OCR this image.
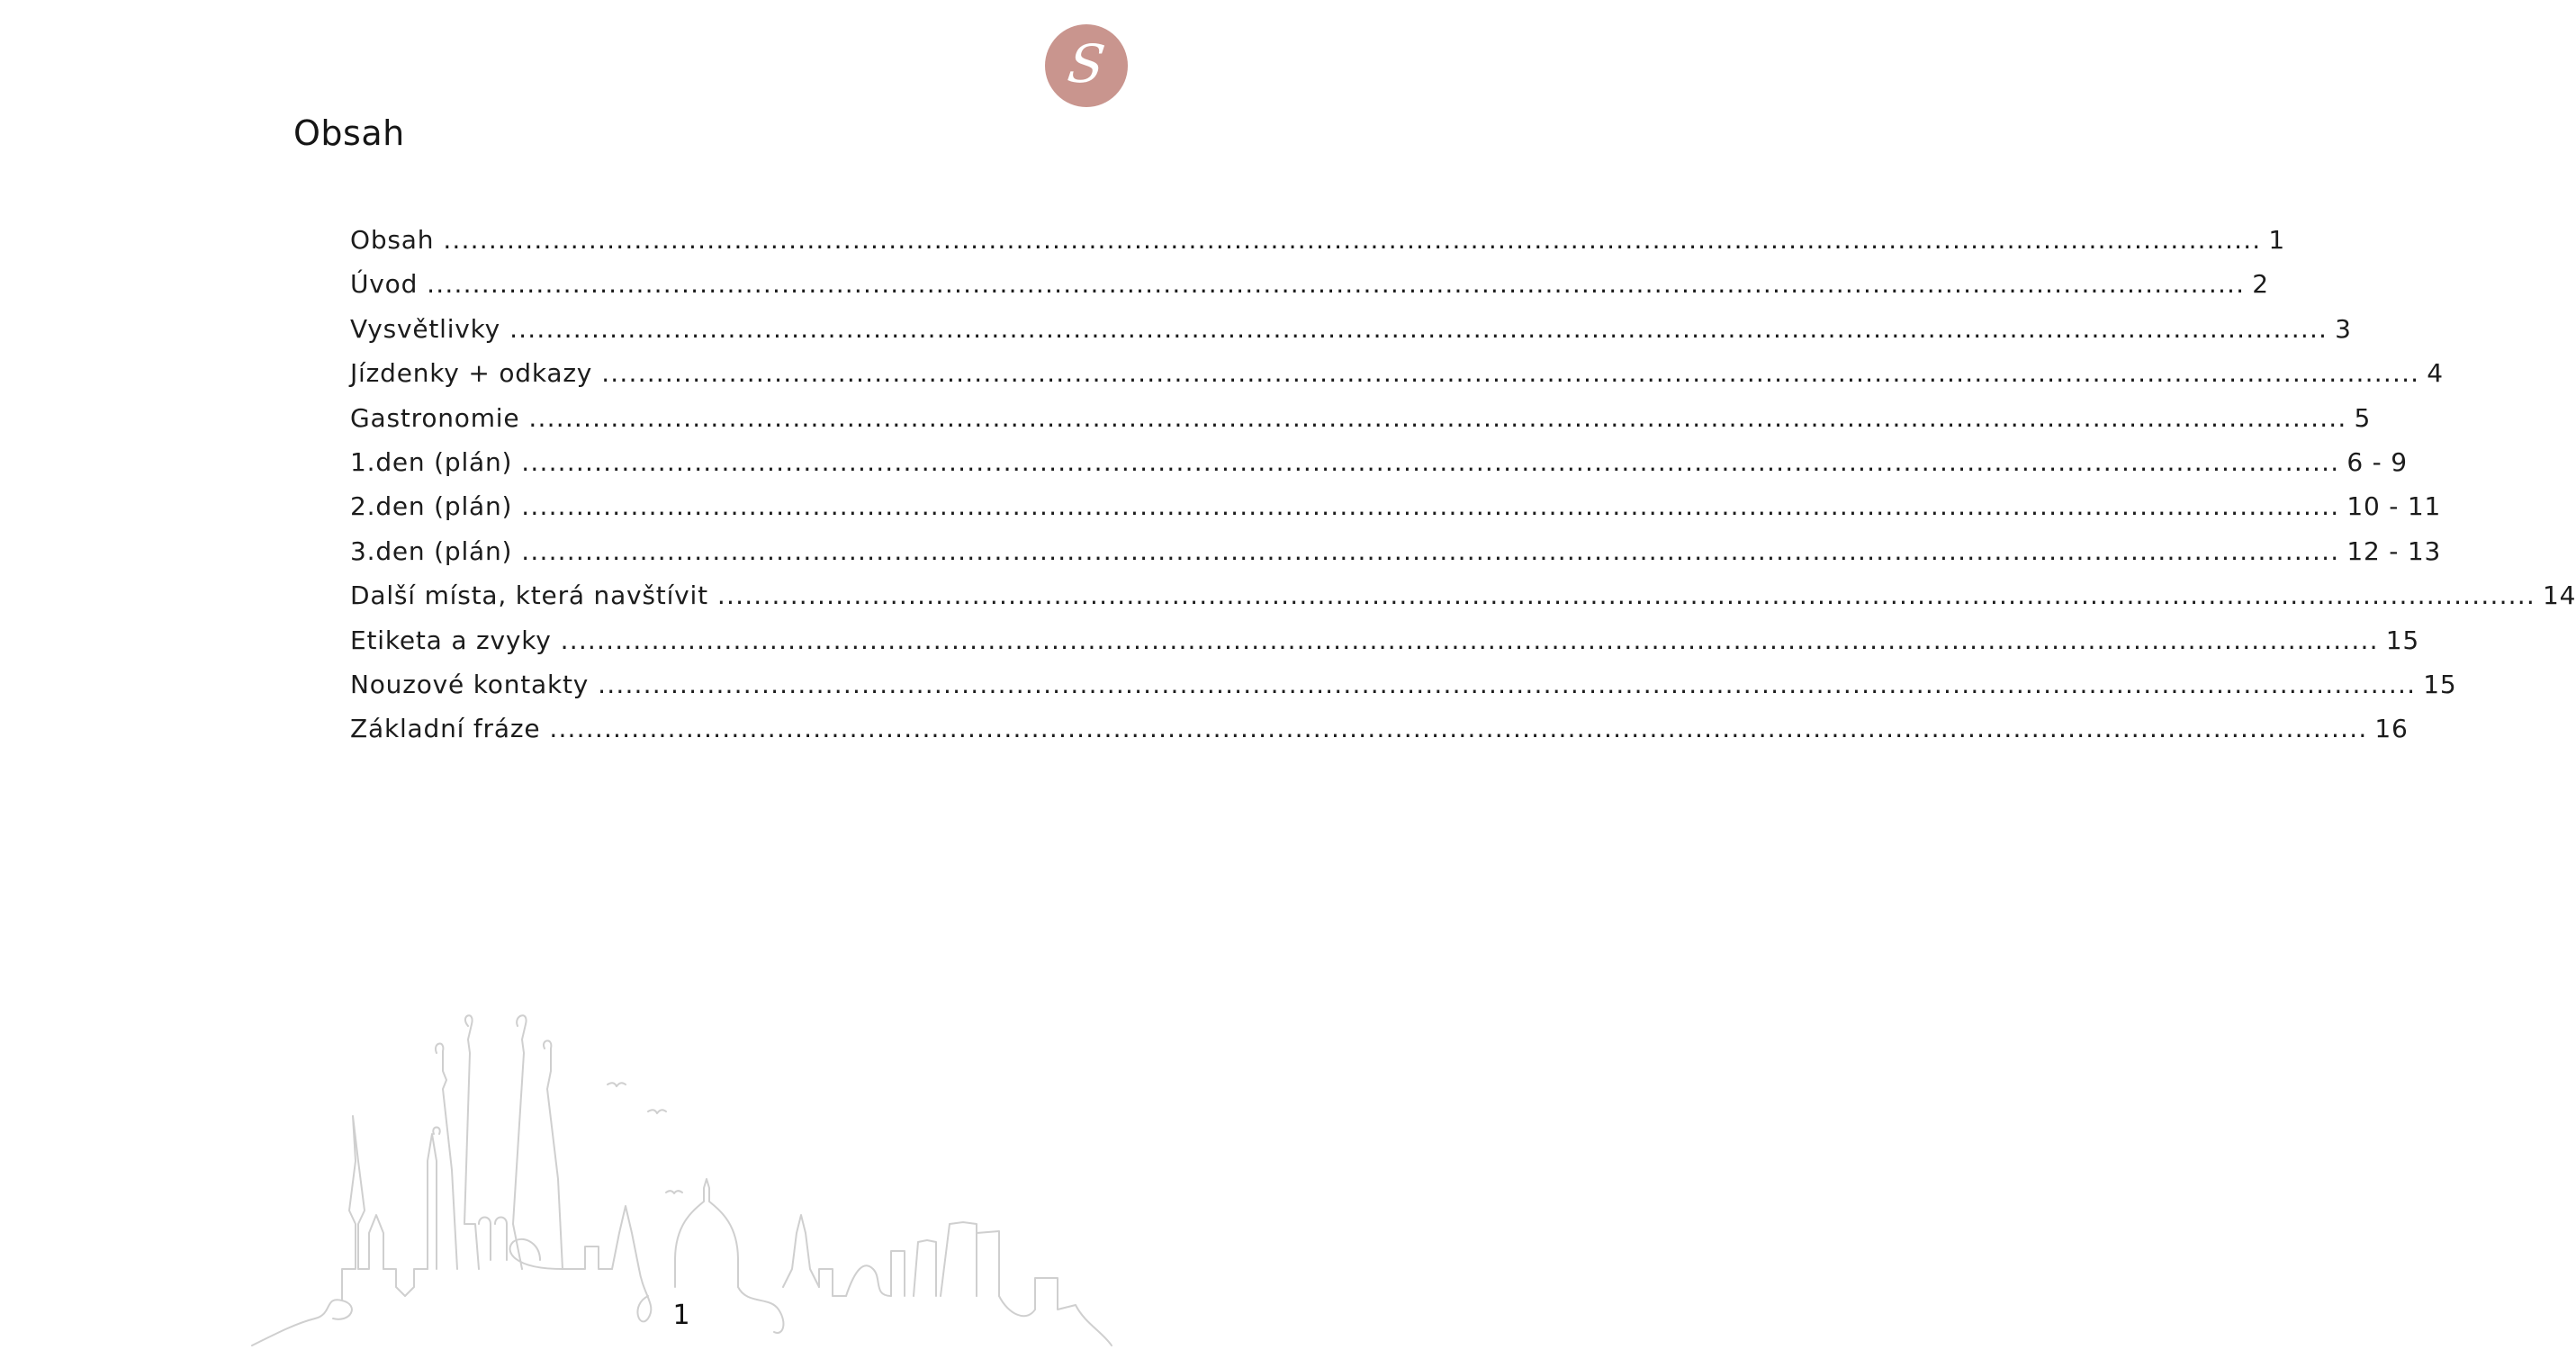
S
Obsah
Obsah ........................................................................................................................................................................................................ 1
Úvod ........................................................................................................................................................................................................ 2
Vysvětlivky ........................................................................................................................................................................................................ 3
Jízdenky + odkazy ........................................................................................................................................................................................................ 4
Gastronomie ........................................................................................................................................................................................................ 5
1.den (plán) ........................................................................................................................................................................................................ 6 - 9
2.den (plán) ........................................................................................................................................................................................................ 10 - 11
3.den (plán) ........................................................................................................................................................................................................ 12 - 13
Další místa, která navštívit ........................................................................................................................................................................................................ 14
Etiketa a zvyky ........................................................................................................................................................................................................ 15
Nouzové kontakty ........................................................................................................................................................................................................ 15
Základní fráze ........................................................................................................................................................................................................ 16
1
